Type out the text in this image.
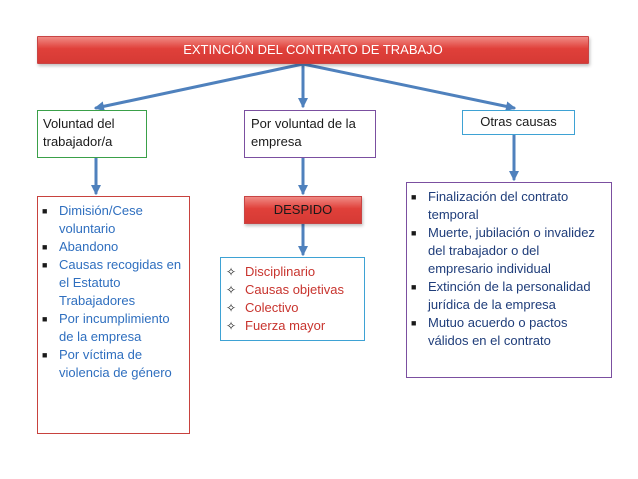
EXTINCIÓN DEL CONTRATO DE TRABAJO
Voluntad del trabajador/a
Por voluntad de la empresa
Otras causas
DESPIDO
■ Dimisión/Cese voluntario
■ Abandono
■ Causas recogidas en el Estatuto Trabajadores
■ Por incumplimiento de la empresa
■ Por víctima de violencia de género
✧ Disciplinario
✧ Causas objetivas
✧ Colectivo
✧ Fuerza mayor
■ Finalización del contrato temporal
■ Muerte, jubilación o invalidez del trabajador o del empresario individual
■ Extinción de la personalidad jurídica de la empresa
■ Mutuo acuerdo o pactos válidos en el contrato
